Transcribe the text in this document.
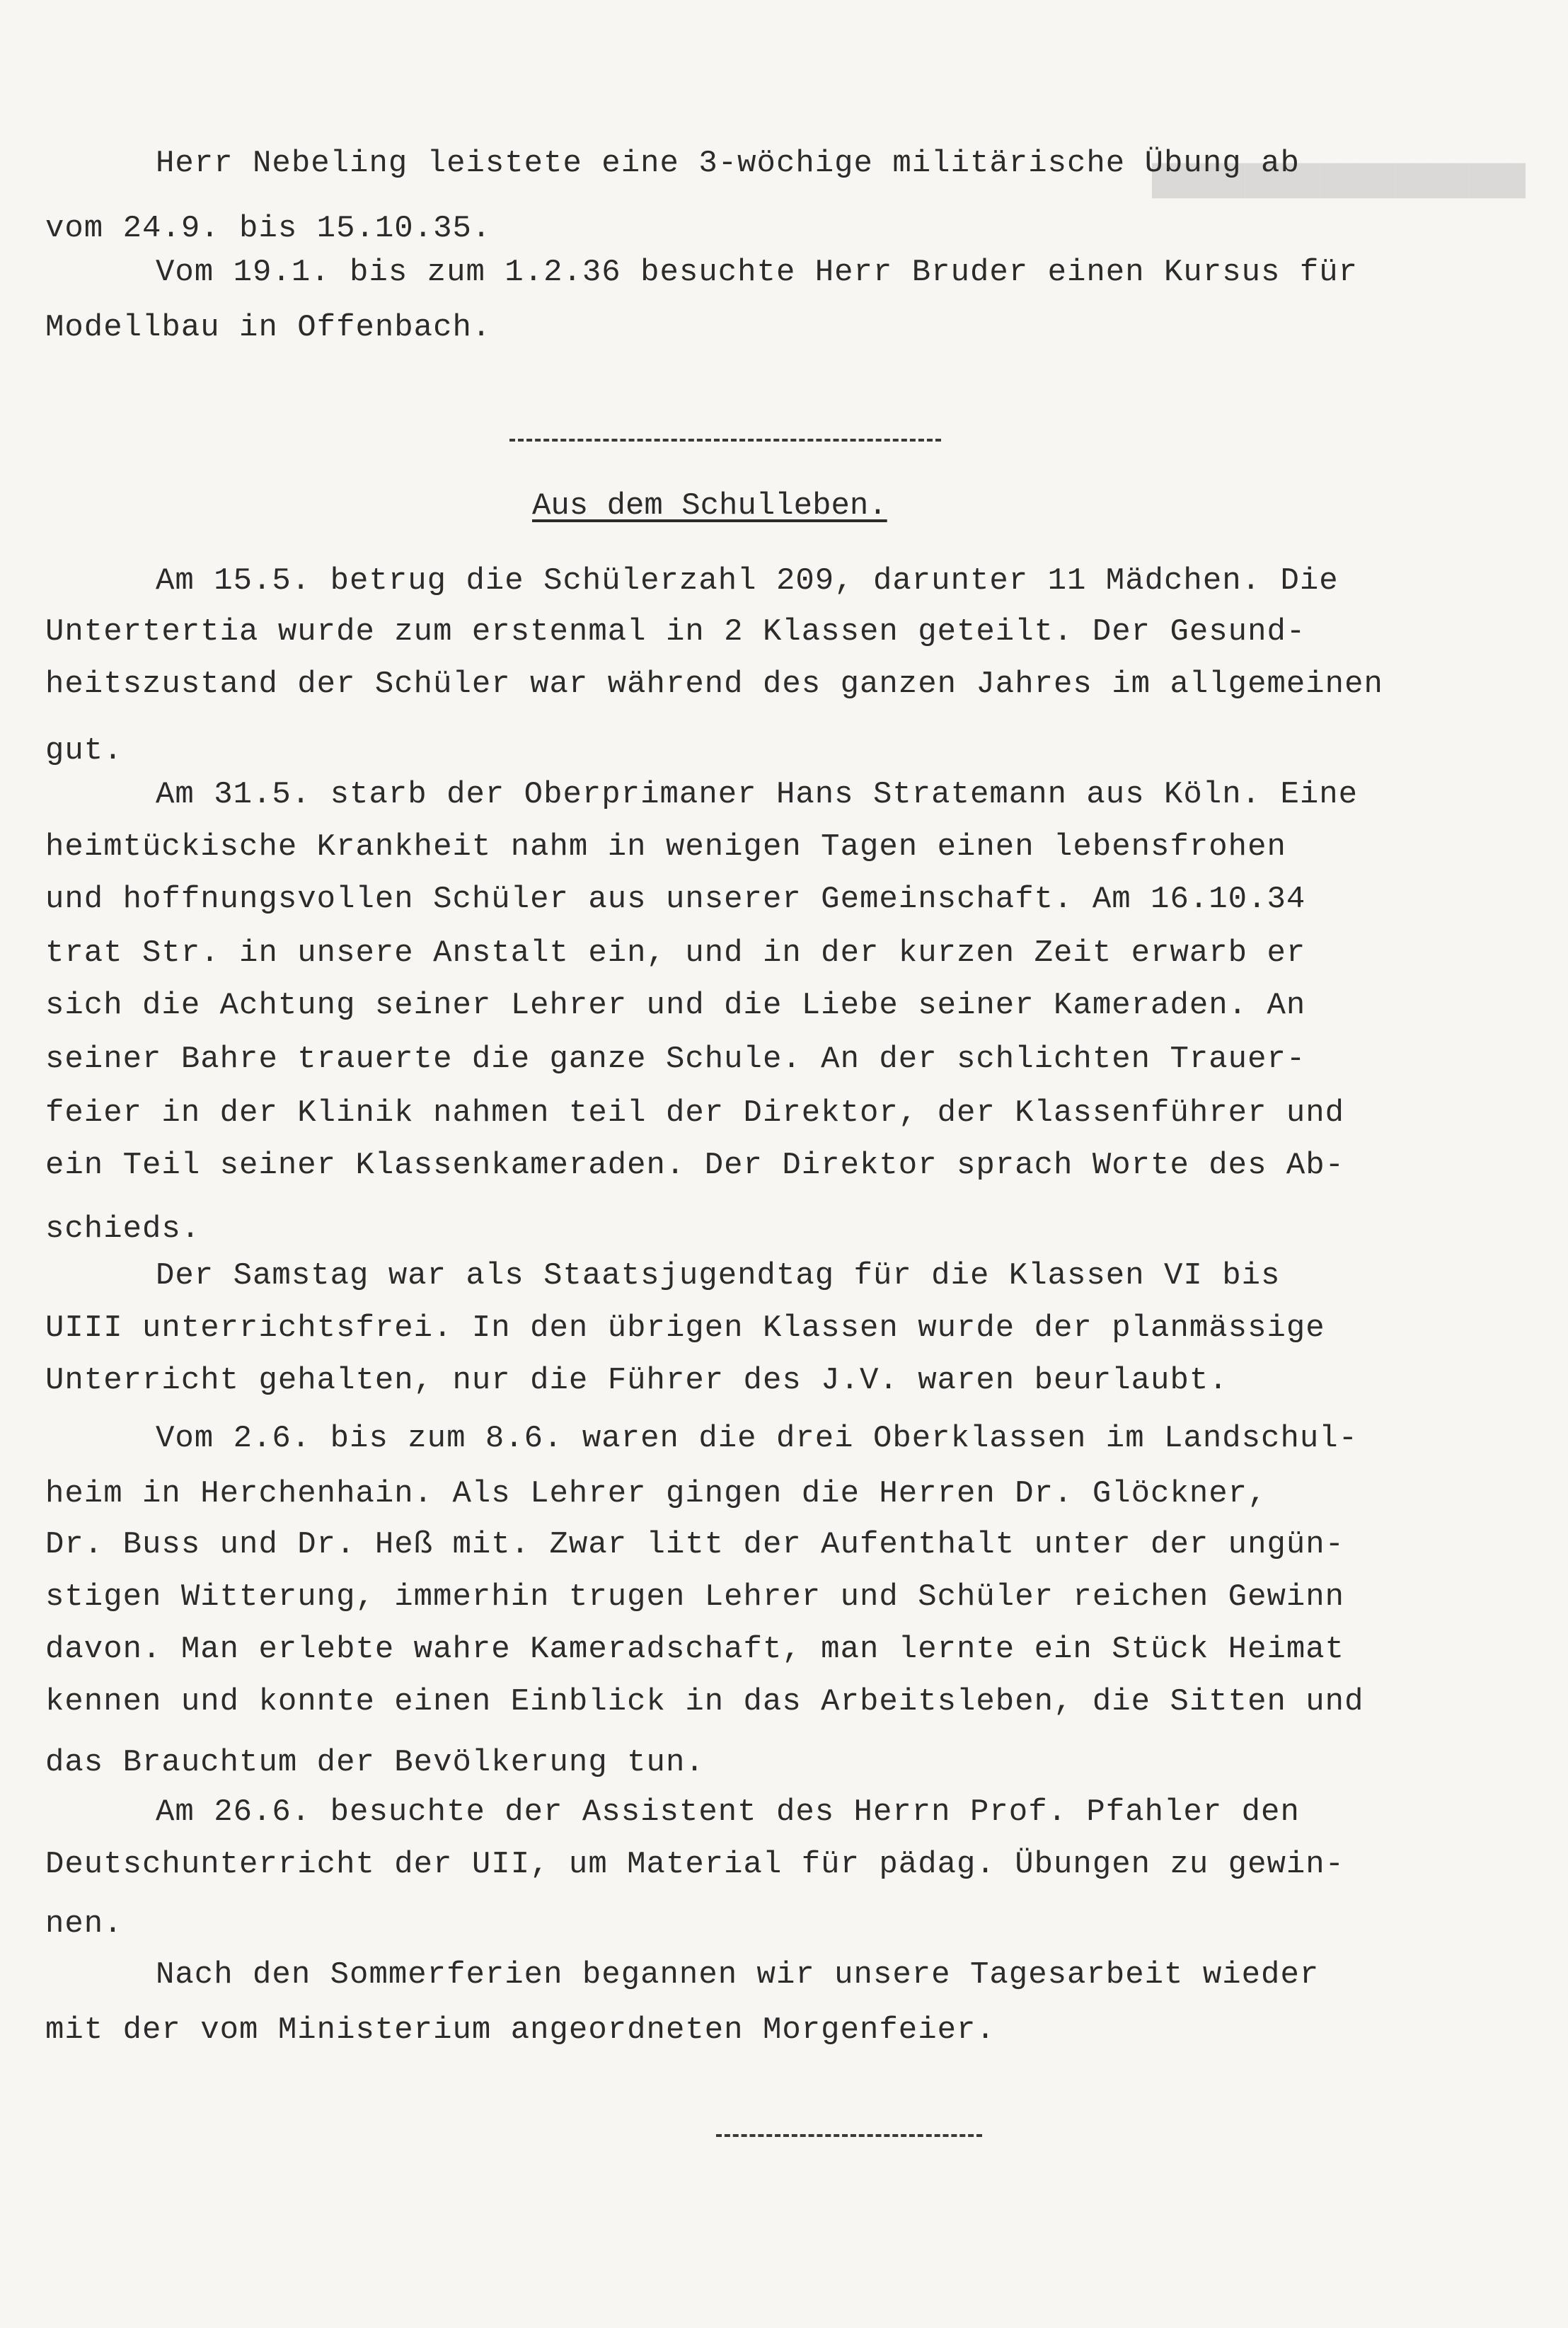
████████████████████
Herr Nebeling leistete eine 3-wöchige militärische Übung ab
vom 24.9. bis 15.10.35.
Vom 19.1. bis zum 1.2.36 besuchte Herr Bruder einen Kursus für
Modellbau in Offenbach.
Aus dem Schulleben.
Am 15.5. betrug die Schülerzahl 209, darunter 11 Mädchen. Die
Untertertia wurde zum erstenmal in 2 Klassen geteilt. Der Gesund-
heitszustand der Schüler war während des ganzen Jahres im allgemeinen
gut.
Am 31.5. starb der Oberprimaner Hans Stratemann aus Köln. Eine
heimtückische Krankheit nahm in wenigen Tagen einen lebensfrohen
und hoffnungsvollen Schüler aus unserer Gemeinschaft. Am 16.10.34
trat Str. in unsere Anstalt ein, und in der kurzen Zeit erwarb er
sich die Achtung seiner Lehrer und die Liebe seiner Kameraden. An
seiner Bahre trauerte die ganze Schule. An der schlichten Trauer-
feier in der Klinik nahmen teil der Direktor, der Klassenführer und
ein Teil seiner Klassenkameraden. Der Direktor sprach Worte des Ab-
schieds.
Der Samstag war als Staatsjugendtag für die Klassen VI bis
UIII unterrichtsfrei. In den übrigen Klassen wurde der planmässige
Unterricht gehalten, nur die Führer des J.V. waren beurlaubt.
Vom 2.6. bis zum 8.6. waren die drei Oberklassen im Landschul-
heim in Herchenhain. Als Lehrer gingen die Herren Dr. Glöckner,
Dr. Buss und Dr. Heß mit. Zwar litt der Aufenthalt unter der ungün-
stigen Witterung, immerhin trugen Lehrer und Schüler reichen Gewinn
davon. Man erlebte wahre Kameradschaft, man lernte ein Stück Heimat
kennen und konnte einen Einblick in das Arbeitsleben, die Sitten und
das Brauchtum der Bevölkerung tun.
Am 26.6. besuchte der Assistent des Herrn Prof. Pfahler den
Deutschunterricht der UII, um Material für pädag. Übungen zu gewin-
nen.
Nach den Sommerferien begannen wir unsere Tagesarbeit wieder
mit der vom Ministerium angeordneten Morgenfeier.
